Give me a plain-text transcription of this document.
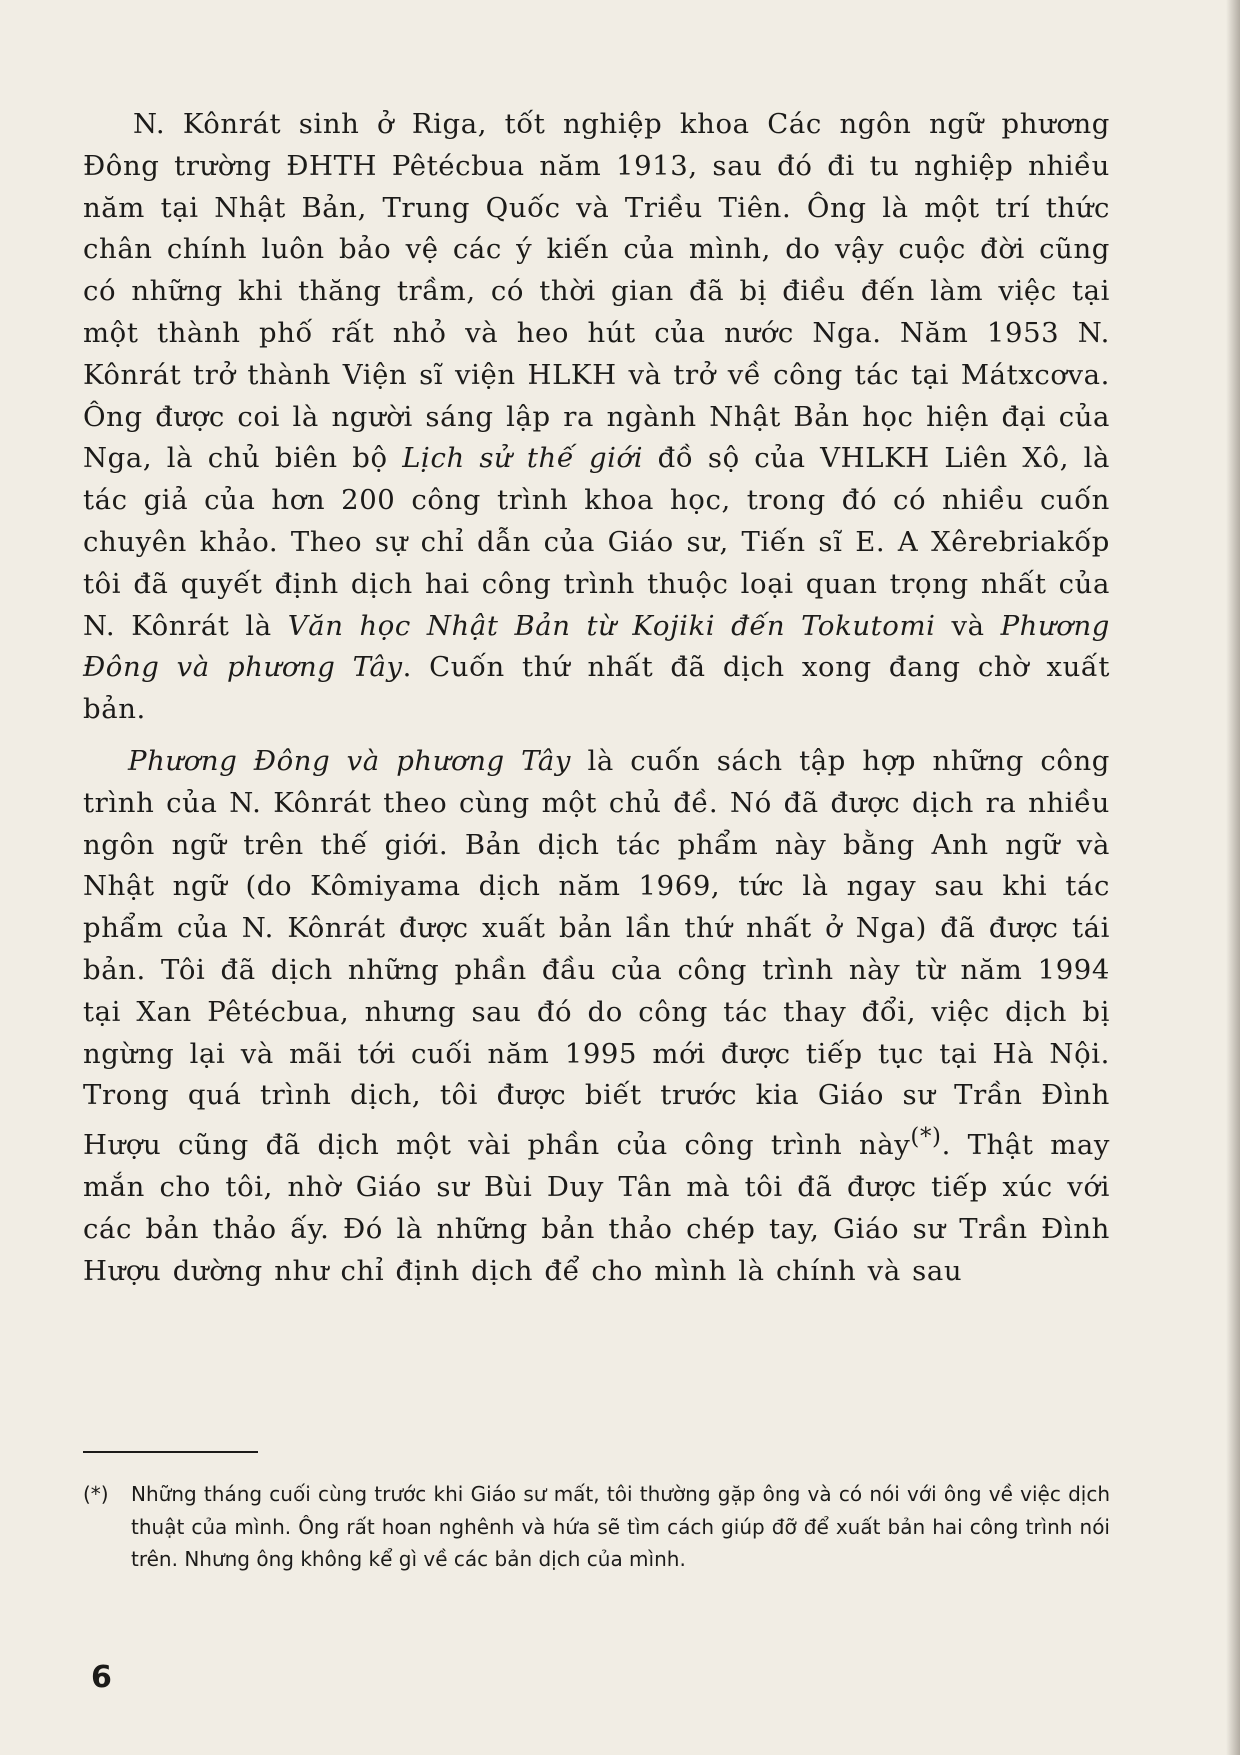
N. Kônrát sinh ở Riga, tốt nghiệp khoa Các ngôn ngữ phương Đông trường ĐHTH Pêtécbua năm 1913, sau đó đi tu nghiệp nhiều năm tại Nhật Bản, Trung Quốc và Triều Tiên. Ông là một trí thức chân chính luôn bảo vệ các ý kiến của mình, do vậy cuộc đời cũng có những khi thăng trầm, có thời gian đã bị điều đến làm việc tại một thành phố rất nhỏ và heo hút của nước Nga. Năm 1953 N. Kônrát trở thành Viện sĩ viện HLKH và trở về công tác tại Mátxcơva. Ông được coi là người sáng lập ra ngành Nhật Bản học hiện đại của Nga, là chủ biên bộ Lịch sử thế giới đồ sộ của VHLKH Liên Xô, là tác giả của hơn 200 công trình khoa học, trong đó có nhiều cuốn chuyên khảo. Theo sự chỉ dẫn của Giáo sư, Tiến sĩ E. A Xêrebriakốp tôi đã quyết định dịch hai công trình thuộc loại quan trọng nhất của N. Kônrát là Văn học Nhật Bản từ Kojiki đến Tokutomi và Phương Đông và phương Tây. Cuốn thứ nhất đã dịch xong đang chờ xuất bản.

Phương Đông và phương Tây là cuốn sách tập hợp những công trình của N. Kônrát theo cùng một chủ đề. Nó đã được dịch ra nhiều ngôn ngữ trên thế giới. Bản dịch tác phẩm này bằng Anh ngữ và Nhật ngữ (do Kômiyama dịch năm 1969, tức là ngay sau khi tác phẩm của N. Kônrát được xuất bản lần thứ nhất ở Nga) đã được tái bản. Tôi đã dịch những phần đầu của công trình này từ năm 1994 tại Xan Pêtécbua, nhưng sau đó do công tác thay đổi, việc dịch bị ngừng lại và mãi tới cuối năm 1995 mới được tiếp tục tại Hà Nội. Trong quá trình dịch, tôi được biết trước kia Giáo sư Trần Đình Hượu cũng đã dịch một vài phần của công trình này(*). Thật may mắn cho tôi, nhờ Giáo sư Bùi Duy Tân mà tôi đã được tiếp xúc với các bản thảo ấy. Đó là những bản thảo chép tay, Giáo sư Trần Đình Hượu dường như chỉ định dịch để cho mình là chính và sau

(*)	Những tháng cuối cùng trước khi Giáo sư mất, tôi thường gặp ông và có nói với ông về việc dịch thuật của mình. Ông rất hoan nghênh và hứa sẽ tìm cách giúp đỡ để xuất bản hai công trình nói trên. Nhưng ông không kể gì về các bản dịch của mình.
6
